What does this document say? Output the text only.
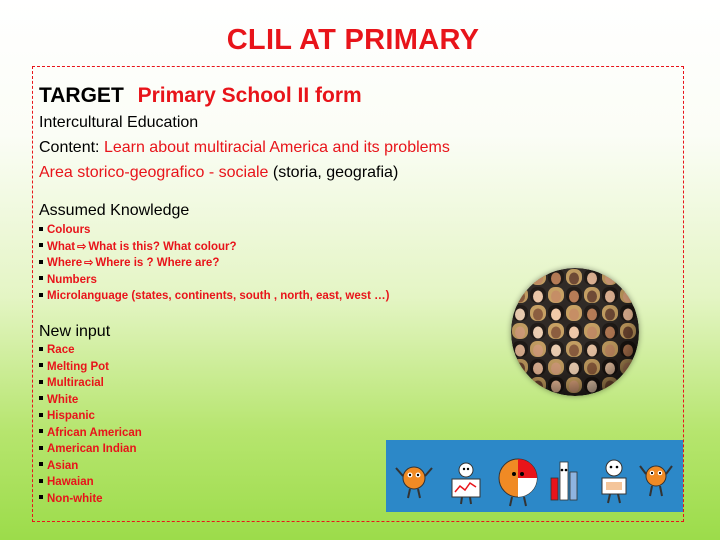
CLIL AT PRIMARY
TARGET Primary School II form
Intercultural Education
Content: Learn about multiracial America and its problems
Area storico-geografico - sociale (storia, geografia)
Assumed Knowledge
Colours
What ⇨ What is this? What colour?
Where ⇨ Where is ? Where are?
Numbers
Microlanguage (states, continents, south , north, east, west …)
New input
Race
Melting Pot
Multiracial
White
Hispanic
African American
American Indian
Asian
Hawaian
Non-white
